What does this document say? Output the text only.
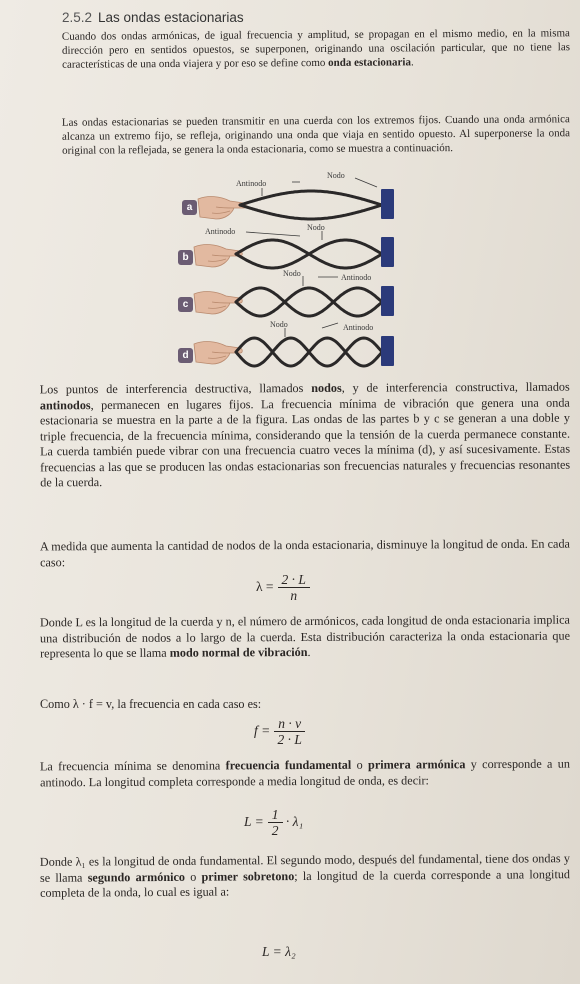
2.5.2 Las ondas estacionarias

Cuando dos ondas armónicas, de igual frecuencia y amplitud, se propagan en el mismo medio, en la misma dirección pero en sentidos opuestos, se superponen, originando una oscilación particular, que no tiene las características de una onda viajera y por eso se define como onda estacionaria.

Las ondas estacionarias se pueden transmitir en una cuerda con los extremos fijos. Cuando una onda armónica alcanza un extremo fijo, se refleja, originando una onda que viaja en sentido opuesto. Al superponerse la onda original con la reflejada, se genera la onda estacionaria, como se muestra a continuación.

Antinodo
Nodo
a
Antinodo	Nodo
b
Nodo	Antinodo
c
Nodo	Antinodo
d

Los puntos de interferencia destructiva, llamados nodos, y de interferencia constructiva, llamados antinodos, permanecen en lugares fijos. La frecuencia mínima de vibración que genera una onda estacionaria se muestra en la parte a de la figura. Las ondas de las partes b y c se generan a una doble y triple frecuencia, de la frecuencia mínima, considerando que la tensión de la cuerda permanece constante. La cuerda también puede vibrar con una frecuencia cuatro veces la mínima (d), y así sucesivamente. Estas frecuencias a las que se producen las ondas estacionarias son frecuencias naturales y frecuencias resonantes de la cuerda.

A medida que aumenta la cantidad de nodos de la onda estacionaria, disminuye la longitud de onda. En cada caso:

$\lambda = \frac{2 \cdot L}{n}$

Donde L es la longitud de la cuerda y n, el número de armónicos, cada longitud de onda estacionaria implica una distribución de nodos a lo largo de la cuerda. Esta distribución caracteriza la onda estacionaria que representa lo que se llama modo normal de vibración.

Como λ · f = v, la frecuencia en cada caso es:

$f = \frac{n \cdot v}{2 \cdot L}$

La frecuencia mínima se denomina frecuencia fundamental o primera armónica y corresponde a un antinodo. La longitud completa corresponde a media longitud de onda, es decir:

$L = \frac{1}{2} \cdot \lambda_1$

Donde λ₁ es la longitud de onda fundamental. El segundo modo, después del fundamental, tiene dos ondas y se llama segundo armónico o primer sobretono; la longitud de la cuerda corresponde a una longitud completa de la onda, lo cual es igual a:

L = λ₂
